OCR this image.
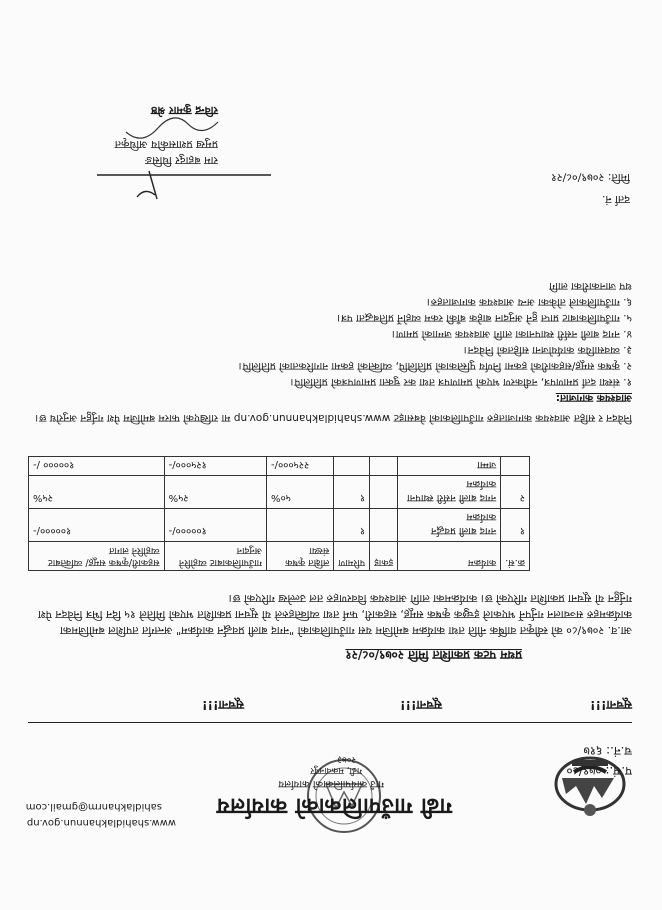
गढी गाउँपालिकाको कार्यालय
गाउँ कार्यपालिकाको कार्यालय
गढी, मकवानपुर
२०७३
www.shahidlakhannun.gov.np
sahidlakhanrm@gmail.com
प.सं.: ०७९/८०
च.नं.: ६१७
सूचना!!!
सूचना!!!
सूचना!!!
प्रथम पटक प्रकाशित मिति २०७९/०८/२१

आ.व. २०७९/८० को स्वीकृत वार्षिक नीति तथा कार्यक्रम बमोजिम यस गाउँपालिकाको "नगद बाली प्रवर्द्धन कार्यक्रम" अन्तर्गत तपशिल बमोजिमका कार्यक्रमहरु सञ्चालन गर्नुपर्ने भएकाले इच्छुक कृषक समूह, सहकारी, फर्म तथा व्यक्तिहरुले यो सूचना प्रकाशित भएको मितिले १५ दिन भित्र निवेदन पेश गर्नुहुन यो सूचना प्रकाशित गरिएको छ। कार्यक्रमका लागि आवश्यक विवरणहरु तल उल्लेख गरिएको छ।

क्र.सं.	कार्यक्रम	इकाइ	परिमाण	लक्षित कृषक संख्या	गाउँपालिकाबाट व्यहोरिने अनुदान	सहकारी/कृषक समूह/ व्यक्तिबाट व्यहोरिने लागत
१	नगद बाली प्रवर्द्धन कार्यक्रम		१		१०००००/-	१०००००/-
२	नगद बाली नर्सरी स्थापना कार्यक्रम		१	५०%	२५%	२५%
	जम्मा			२२५०००/-	१२५०००/-	१००००० /-

निवेदन र सहित आवश्यक कागजातहरु गाउँपालिकाको वेबसाइट www.shahidlakhannun.gov.np मा राखिएको फारम बमोजिम पेश गर्नुहुन अनुरोध छ।

आवश्यक कागजात:

१. संस्था दर्ता प्रमाणपत्र, नवीकरण भएको प्रमाणपत्र तथा कर चुक्ता प्रमाणपत्रको प्रतिलिपि।

२. कृषक समूह/सहकारीको हकमा निर्णय पुस्तिकाको प्रतिलिपि, व्यक्तिको हकमा नागरिकताको प्रतिलिपि।

३. व्यवसायिक कार्ययोजना सहितको निवेदन।

४. नगद बाली नर्सरी स्थापनाका लागि आवश्यक जग्गाको प्रमाण।

५. गाउँपालिकाबाट प्राप्त हुने अनुदान बाहेक बाँकी रकम व्यहोर्ने प्रतिबद्धता पत्र।

६. गाउँपालिकाले तोकेका अन्य आवश्यक कागजातहरु।

थप जानकारीका लागि

दर्ता नं.
मिति: २०७९/०८/२१
राम बहादुर घिसिङ
प्रमुख प्रशासकीय अधिकृत
रविन्द्र कुमार श्रेष्ठ
